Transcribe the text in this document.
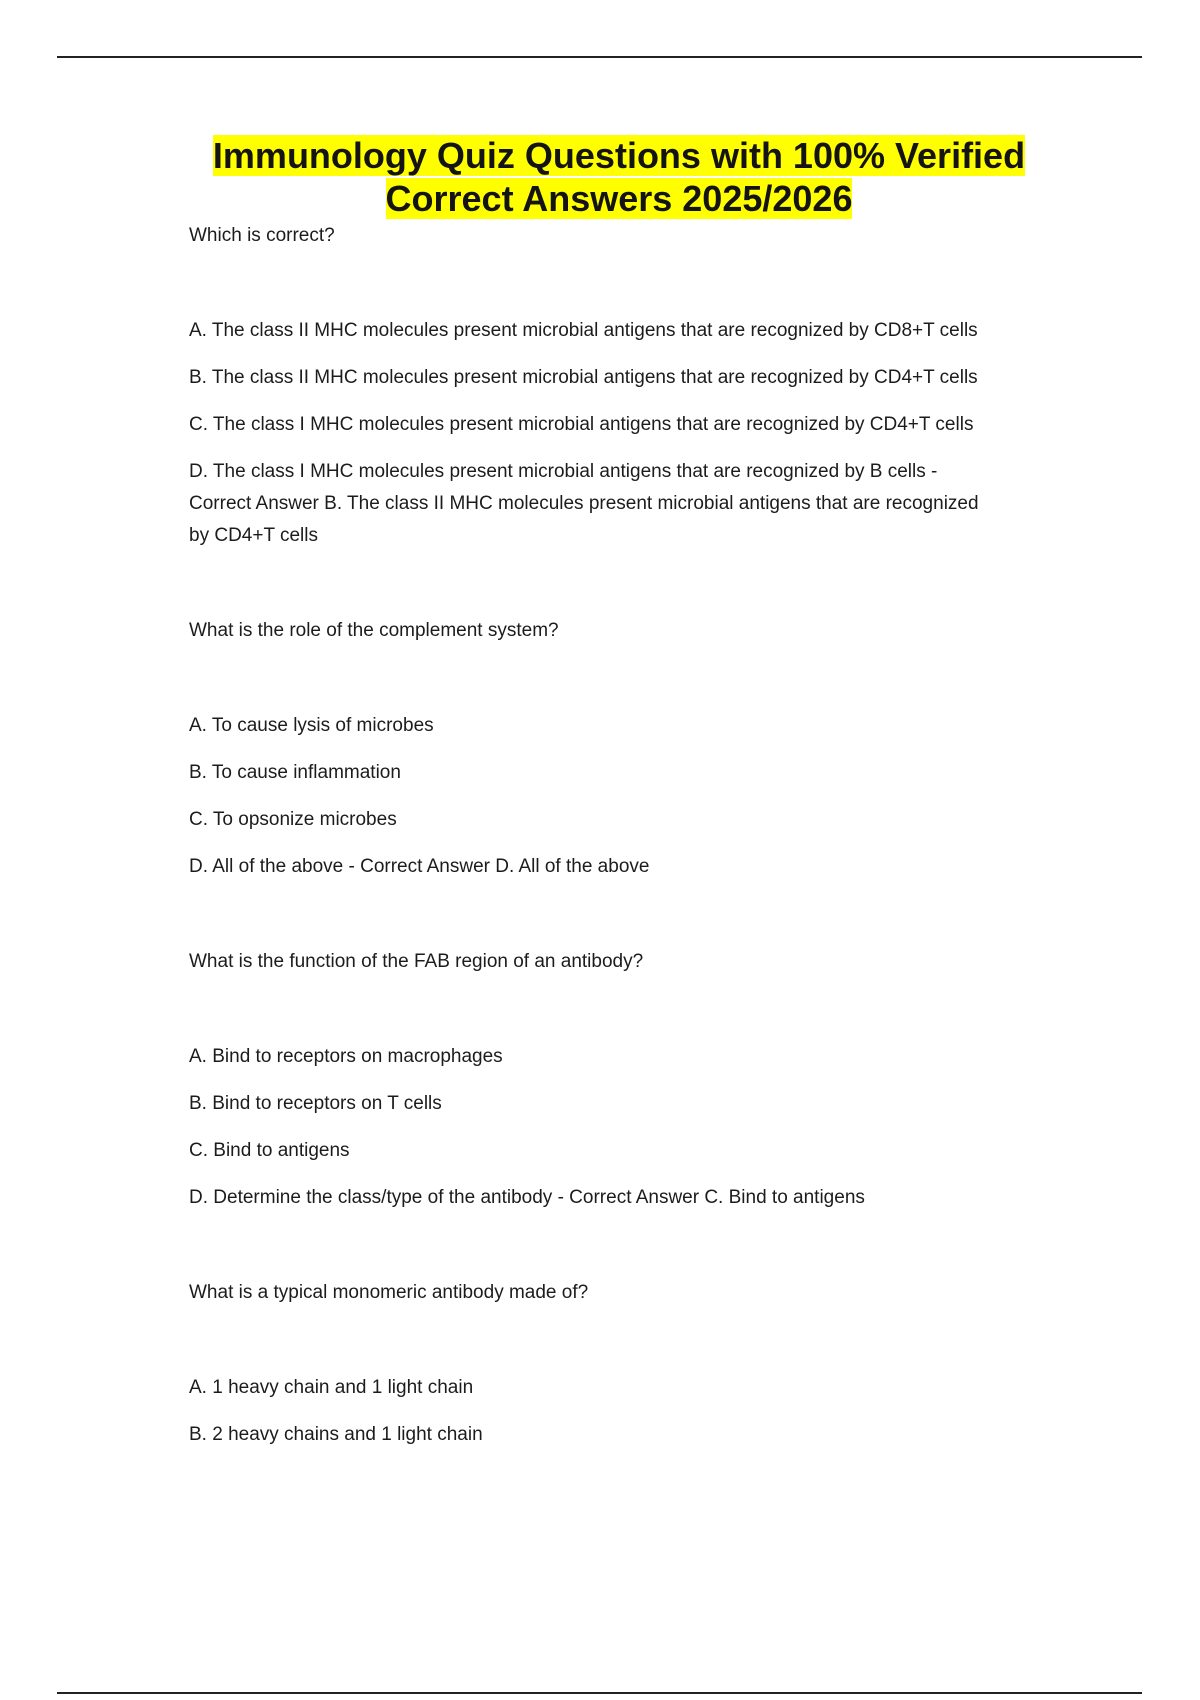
Immunology Quiz Questions with 100% Verified
Correct Answers 2025/2026

Which is correct?

A. The class II MHC molecules present microbial antigens that are recognized by CD8+T cells

B. The class II MHC molecules present microbial antigens that are recognized by CD4+T cells

C. The class I MHC molecules present microbial antigens that are recognized by CD4+T cells

D. The class I MHC molecules present microbial antigens that are recognized by B cells -
Correct Answer B. The class II MHC molecules present microbial antigens that are recognized
by CD4+T cells

What is the role of the complement system?

A. To cause lysis of microbes

B. To cause inflammation

C. To opsonize microbes

D. All of the above - Correct Answer D. All of the above

What is the function of the FAB region of an antibody?

A. Bind to receptors on macrophages

B. Bind to receptors on T cells

C. Bind to antigens

D. Determine the class/type of the antibody - Correct Answer C. Bind to antigens

What is a typical monomeric antibody made of?

A. 1 heavy chain and 1 light chain

B. 2 heavy chains and 1 light chain
